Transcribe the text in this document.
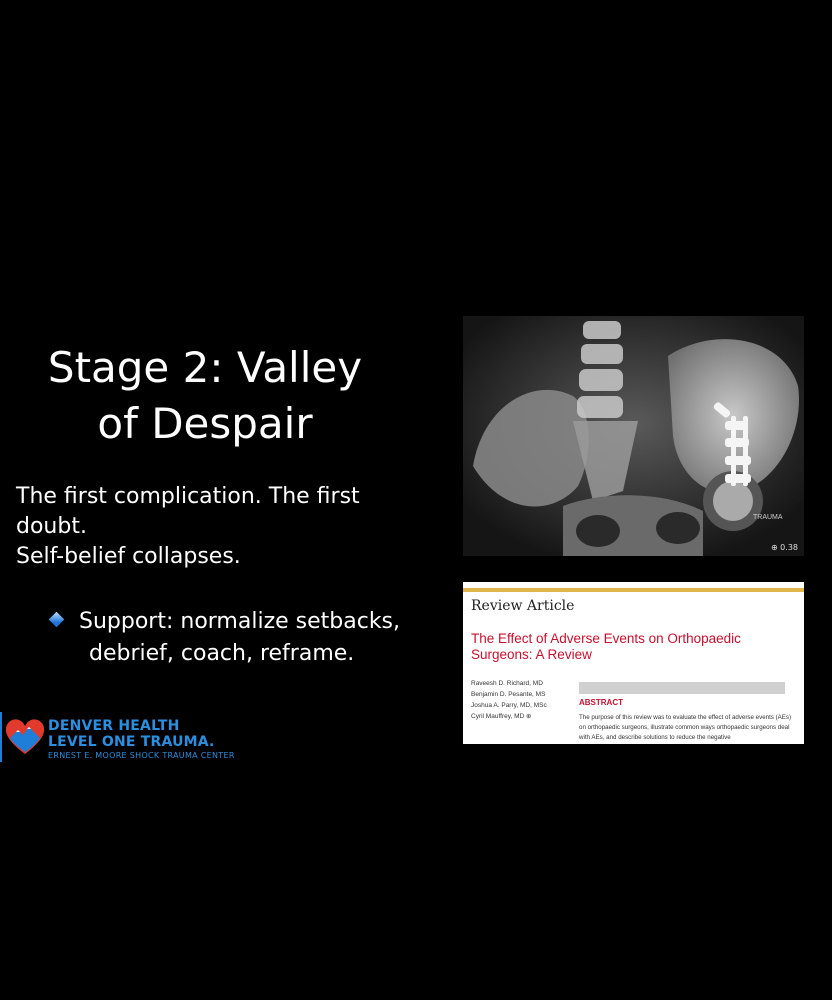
Stage 2: Valley
of Despair
The first complication. The first
doubt.
Self-belief collapses.
Support: normalize setbacks,
debrief, coach, reframe.
DENVER HEALTH
LEVEL ONE TRAUMA.
ERNEST E. MOORE SHOCK TRAUMA CENTER
TRAUMA
⊕ 0.38
Review Article
The Effect of Adverse Events on Orthopaedic Surgeons: A Review
Raveesh D. Richard, MD
Benjamin D. Pesante, MS
Joshua A. Parry, MD, MSc
Cyril Mauffrey, MD ⊕
ABSTRACT
The purpose of this review was to evaluate the effect of adverse events (AEs) on orthopaedic surgeons, illustrate common ways orthopaedic surgeons deal with AEs, and describe solutions to reduce the negative
